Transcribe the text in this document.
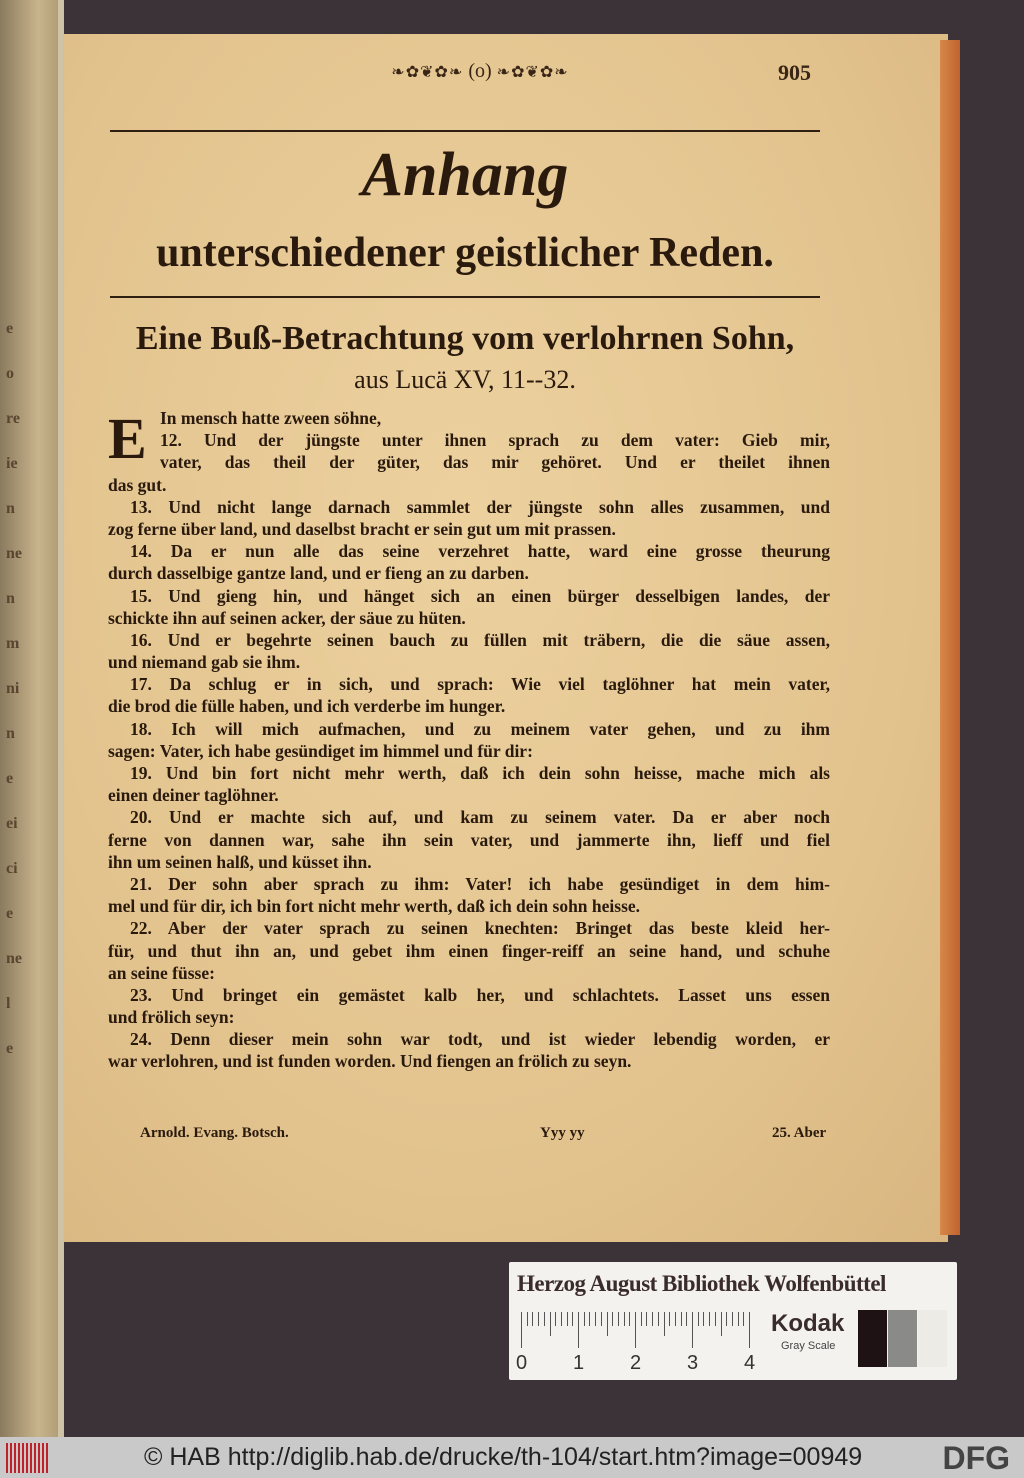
e
o
re
ie
n
ne
n
m
ni
n
e
ei
ci
e
ne
l
e
❧✿❦✿❧ (o) ❧✿❦✿❧	905
Anhang
unterschiedener geistlicher Reden.
Eine Buß-Betrachtung vom verlohrnen Sohn,
aus Lucä XV, 11--32.
E In mensch hatte zween söhne,
12. Und der jüngste unter ihnen sprach zu dem vater: Gieb mir,
vater, das theil der güter, das mir gehöret. Und er theilet ihnen
das gut.
13. Und nicht lange darnach sammlet der jüngste sohn alles zusammen, und
zog ferne über land, und daselbst bracht er sein gut um mit prassen.
14. Da er nun alle das seine verzehret hatte, ward eine grosse theurung
durch dasselbige gantze land, und er fieng an zu darben.
15. Und gieng hin, und hänget sich an einen bürger desselbigen landes, der
schickte ihn auf seinen acker, der säue zu hüten.
16. Und er begehrte seinen bauch zu füllen mit träbern, die die säue assen,
und niemand gab sie ihm.
17. Da schlug er in sich, und sprach: Wie viel taglöhner hat mein vater,
die brod die fülle haben, und ich verderbe im hunger.
18. Ich will mich aufmachen, und zu meinem vater gehen, und zu ihm
sagen: Vater, ich habe gesündiget im himmel und für dir:
19. Und bin fort nicht mehr werth, daß ich dein sohn heisse, mache mich als
einen deiner taglöhner.
20. Und er machte sich auf, und kam zu seinem vater. Da er aber noch
ferne von dannen war, sahe ihn sein vater, und jammerte ihn, lieff und fiel
ihn um seinen halß, und küsset ihn.
21. Der sohn aber sprach zu ihm: Vater! ich habe gesündiget in dem him-
mel und für dir, ich bin fort nicht mehr werth, daß ich dein sohn heisse.
22. Aber der vater sprach zu seinen knechten: Bringet das beste kleid her-
für, und thut ihn an, und gebet ihm einen finger-reiff an seine hand, und schuhe
an seine füsse:
23. Und bringet ein gemästet kalb her, und schlachtets. Lasset uns essen
und frölich seyn:
24. Denn dieser mein sohn war todt, und ist wieder lebendig worden, er
war verlohren, und ist funden worden. Und fiengen an frölich zu seyn.
Arnold. Evang. Botsch.	Yyy yy	25. Aber
Herzog August Bibliothek Wolfenbüttel
0 1 2 3 4
Kodak
Gray Scale
© HAB http://diglib.hab.de/drucke/th-104/start.htm?image=00949	DFG
